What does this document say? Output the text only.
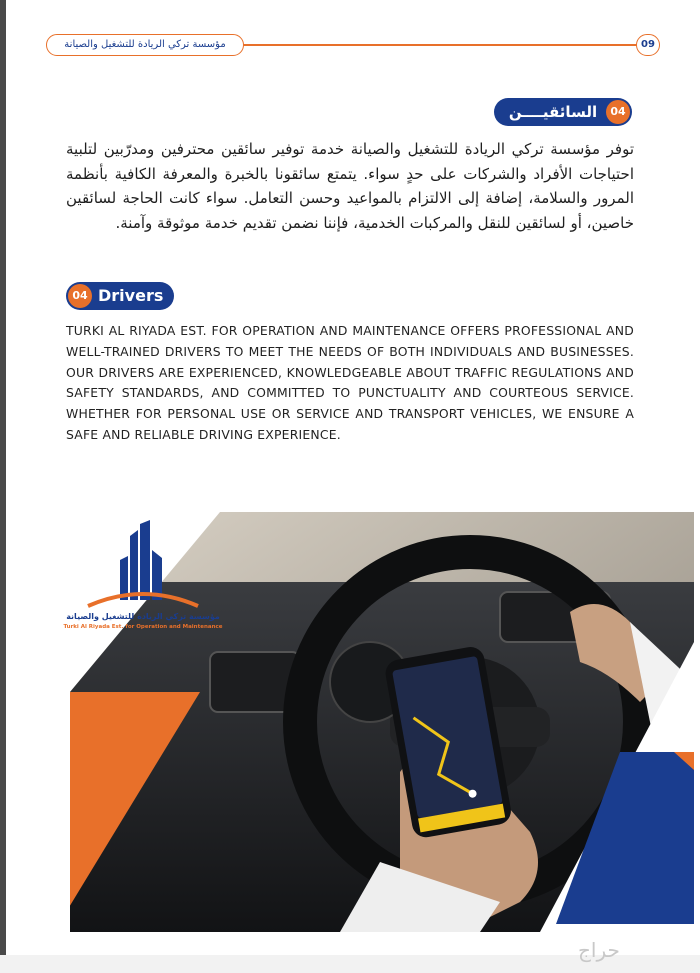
مؤسسة تركي الريادة للتشغيل والصيانة	09
السائقيــــن	04
توفر مؤسسة تركي الريادة للتشغيل والصيانة خدمة توفير سائقين محترفين ومدرّبين لتلبية احتياجات الأفراد والشركات على حدٍ سواء. يتمتع سائقونا بالخبرة والمعرفة الكافية بأنظمة المرور والسلامة، إضافة إلى الالتزام بالمواعيد وحسن التعامل. سواء كانت الحاجة لسائقين خاصين، أو لسائقين للنقل والمركبات الخدمية، فإننا نضمن تقديم خدمة موثوقة وآمنة.
04 Drivers
TURKI AL RIYADA EST. FOR OPERATION AND MAINTENANCE OFFERS PROFESSIONAL AND WELL-TRAINED DRIVERS TO MEET THE NEEDS OF BOTH INDIVIDUALS AND BUSINESSES. OUR DRIVERS ARE EXPERIENCED, KNOWLEDGEABLE ABOUT TRAFFIC REGULATIONS AND SAFETY STANDARDS, AND COMMITTED TO PUNCTUALITY AND COURTEOUS SERVICE. WHETHER FOR PERSONAL USE OR SERVICE AND TRANSPORT VEHICLES, WE ENSURE A SAFE AND RELIABLE DRIVING EXPERIENCE.
مؤسسة تركي الريادة للتشغيل والصيانة
Turki Al Riyada Est. for Operation and Maintenance
حراج
